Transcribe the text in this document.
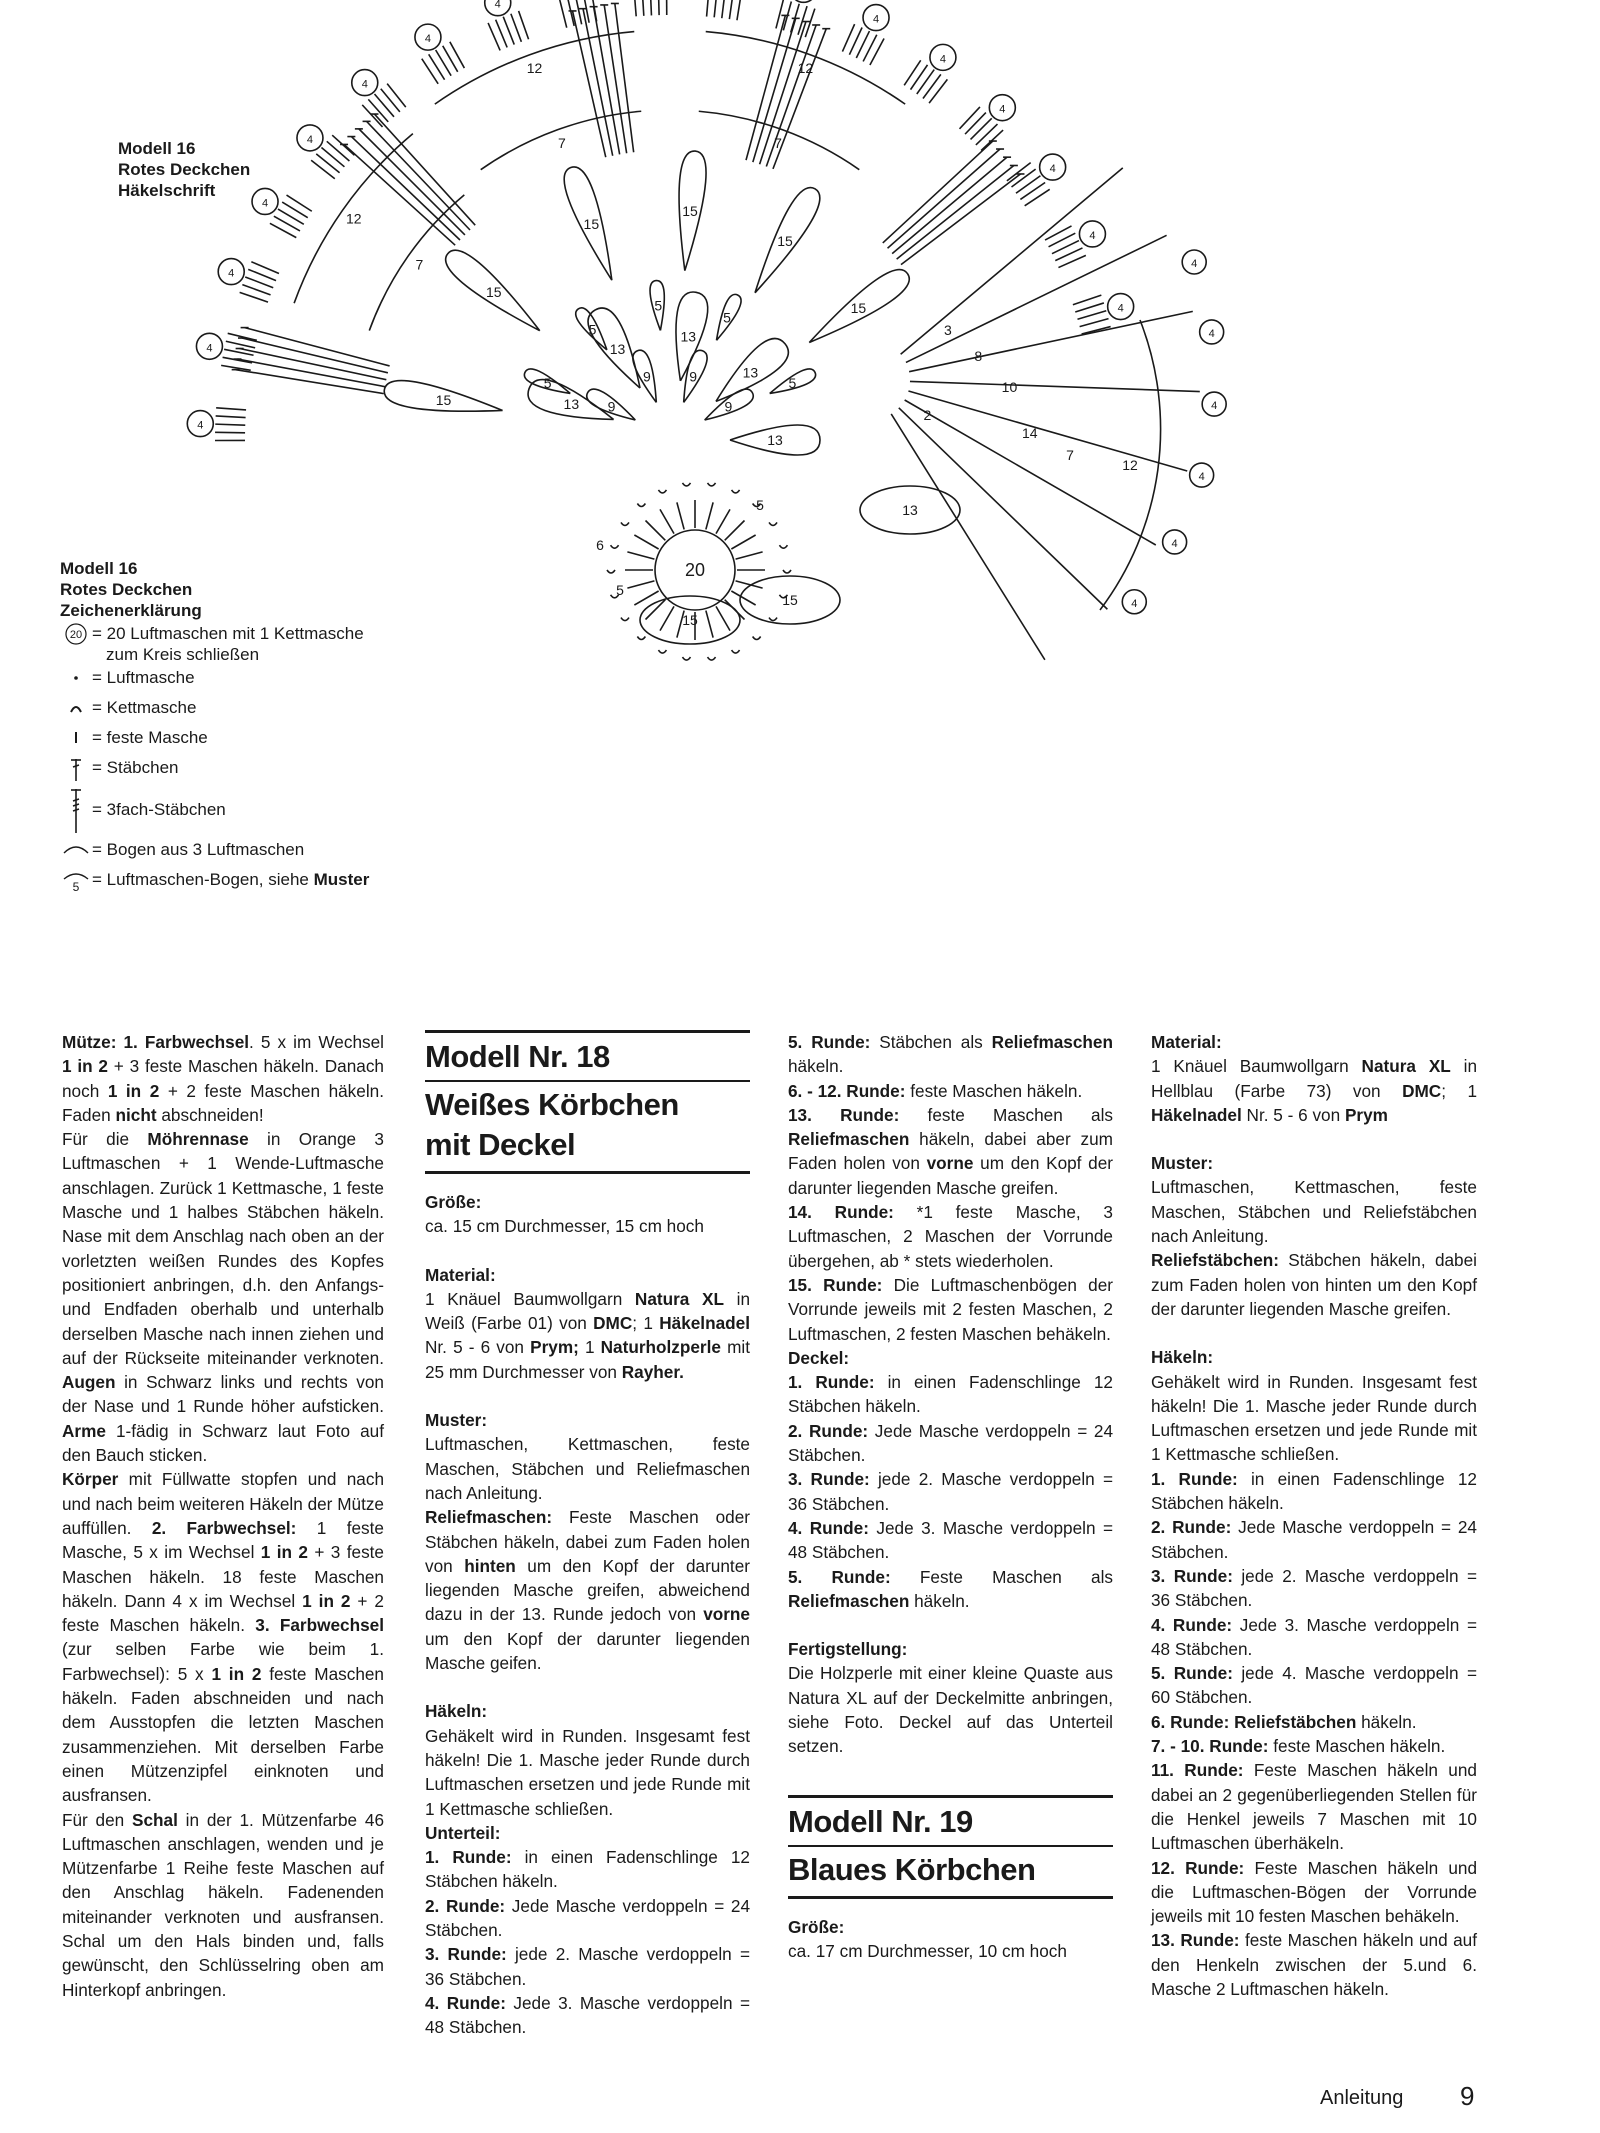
Modell 16
Rotes Deckchen
Häkelschrift
20
13
13
13
13
13
9
9	9
9
15
15
15
15
15
15
5
5
5
5
5
12
7
12
7
12
7
4
4
4
4
4
4
4
4
4
4
4
4
4
4
3
8
10
14
2
12
7
4
4
4
4
4
4
15
15
13
5
5
6
Modell 16
Rotes Deckchen
Zeichenerklärung
20 = 20 Luftmaschen mit 1 Kettmasche
zum Kreis schließen
= Luftmasche
= Kettmasche
= feste Masche
= Stäbchen
= 3fach-Stäbchen
= Bogen aus 3 Luftmaschen
5 = Luftmaschen-Bogen, siehe Muster

Mütze: 1. Farbwechsel. 5 x im Wechsel 1 in 2 + 3 feste Maschen häkeln. Danach noch 1 in 2 + 2 feste Maschen häkeln. Faden nicht abschneiden!
Für die Möhrennase in Orange 3 Luftmaschen + 1 Wende-Luftmasche anschlagen. Zurück 1 Kettmasche, 1 feste Masche und 1 halbes Stäbchen häkeln. Nase mit dem Anschlag nach oben an der vorletzten weißen Rundes des Kopfes positioniert anbringen, d.h. den Anfangs- und Endfaden oberhalb und unterhalb derselben Masche nach innen ziehen und auf der Rückseite miteinander verknoten. Augen in Schwarz links und rechts von der Nase und 1 Runde höher aufsticken. Arme 1-fädig in Schwarz laut Foto auf den Bauch sticken.
Körper mit Füllwatte stopfen und nach und nach beim weiteren Häkeln der Mütze auffüllen. 2. Farbwechsel: 1 feste Masche, 5 x im Wechsel 1 in 2 + 3 feste Maschen häkeln. 18 feste Maschen häkeln. Dann 4 x im Wechsel 1 in 2 + 2 feste Maschen häkeln. 3. Farbwechsel (zur selben Farbe wie beim 1. Farbwechsel): 5 x 1 in 2 feste Maschen häkeln. Faden abschneiden und nach dem Ausstopfen die letzten Maschen zusammenziehen. Mit derselben Farbe einen Mützenzipfel einknoten und ausfransen.
Für den Schal in der 1. Mützenfarbe 46 Luftmaschen anschlagen, wenden und je Mützenfarbe 1 Reihe feste Maschen auf den Anschlag häkeln. Fadenenden miteinander verknoten und ausfransen. Schal um den Hals binden und, falls gewünscht, den Schlüsselring oben am Hinterkopf anbringen.

Modell Nr. 18
Weißes Körbchen
mit Deckel

Größe:
ca. 15 cm Durchmesser, 15 cm hoch
Material:
1 Knäuel Baumwollgarn Natura XL in Weiß (Farbe 01) von DMC; 1 Häkelnadel Nr. 5 - 6 von Prym; 1 Naturholzperle mit 25 mm Durchmesser von Rayher.
Muster:
Luftmaschen, Kettmaschen, feste Maschen, Stäbchen und Reliefmaschen nach Anleitung.
Reliefmaschen: Feste Maschen oder Stäbchen häkeln, dabei zum Faden holen von hinten um den Kopf der darunter liegenden Masche greifen, abweichend dazu in der 13. Runde jedoch von vorne um den Kopf der darunter liegenden Masche geifen.
Häkeln:
Gehäkelt wird in Runden. Insgesamt fest häkeln! Die 1. Masche jeder Runde durch Luftmaschen ersetzen und jede Runde mit 1 Kettmasche schließen.
Unterteil:
1. Runde: in einen Fadenschlinge 12 Stäbchen häkeln.
2. Runde: Jede Masche verdoppeln = 24 Stäbchen.
3. Runde: jede 2. Masche verdoppeln = 36 Stäbchen.
4. Runde: Jede 3. Masche verdoppeln = 48 Stäbchen.

5. Runde: Stäbchen als Reliefmaschen häkeln.
6. - 12. Runde: feste Maschen häkeln.
13. Runde: feste Maschen als Reliefmaschen häkeln, dabei aber zum Faden holen von vorne um den Kopf der darunter liegenden Masche greifen.
14. Runde: *1 feste Masche, 3 Luftmaschen, 2 Maschen der Vorrunde übergehen, ab * stets wiederholen.
15. Runde: Die Luftmaschenbögen der Vorrunde jeweils mit 2 festen Maschen, 2 Luftmaschen, 2 festen Maschen behäkeln.
Deckel:
1. Runde: in einen Fadenschlinge 12 Stäbchen häkeln.
2. Runde: Jede Masche verdoppeln = 24 Stäbchen.
3. Runde: jede 2. Masche verdoppeln = 36 Stäbchen.
4. Runde: Jede 3. Masche verdoppeln = 48 Stäbchen.
5. Runde: Feste Maschen als Reliefmaschen häkeln.
Fertigstellung:
Die Holzperle mit einer kleine Quaste aus Natura XL auf der Deckelmitte anbringen, siehe Foto. Deckel auf das Unterteil setzen.

Modell Nr. 19
Blaues Körbchen

Größe:
ca. 17 cm Durchmesser, 10 cm hoch

Material:
1 Knäuel Baumwollgarn Natura XL in Hellblau (Farbe 73) von DMC; 1 Häkelnadel Nr. 5 - 6 von Prym
Muster:
Luftmaschen, Kettmaschen, feste Maschen, Stäbchen und Reliefstäbchen nach Anleitung.
Reliefstäbchen: Stäbchen häkeln, dabei zum Faden holen von hinten um den Kopf der darunter liegenden Masche greifen.
Häkeln:
Gehäkelt wird in Runden. Insgesamt fest häkeln! Die 1. Masche jeder Runde durch Luftmaschen ersetzen und jede Runde mit 1 Kettmasche schließen.
1. Runde: in einen Fadenschlinge 12 Stäbchen häkeln.
2. Runde: Jede Masche verdoppeln = 24 Stäbchen.
3. Runde: jede 2. Masche verdoppeln = 36 Stäbchen.
4. Runde: Jede 3. Masche verdoppeln = 48 Stäbchen.
5. Runde: jede 4. Masche verdoppeln = 60 Stäbchen.
6. Runde: Reliefstäbchen häkeln.
7. - 10. Runde: feste Maschen häkeln.
11. Runde: Feste Maschen häkeln und dabei an 2 gegenüberliegenden Stellen für die Henkel jeweils 7 Maschen mit 10 Luftmaschen überhäkeln.
12. Runde: Feste Maschen häkeln und die Luftmaschen-Bögen der Vorrunde jeweils mit 10 festen Maschen behäkeln.
13. Runde: feste Maschen häkeln und auf den Henkeln zwischen der 5.und 6. Masche 2 Luftmaschen häkeln.

Anleitung 9
